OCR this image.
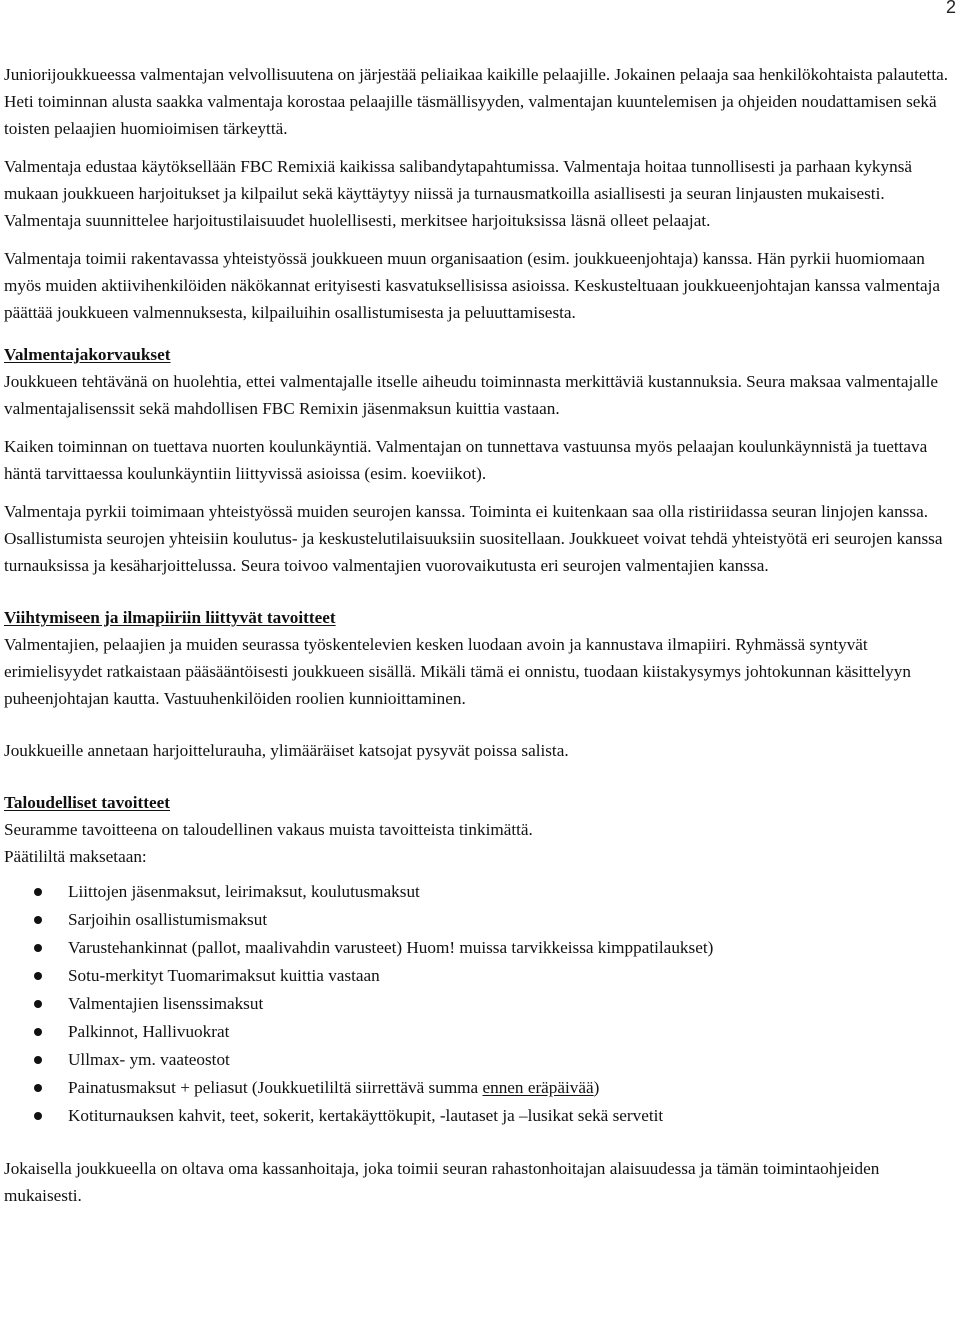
2

Juniorijoukkueessa valmentajan velvollisuutena on järjestää peliaikaa kaikille pelaajille. Jokainen pelaaja saa henkilökohtaista palautetta. Heti toiminnan alusta saakka valmentaja korostaa pelaajille täsmällisyyden, valmentajan kuuntelemisen ja ohjeiden noudattamisen sekä toisten pelaajien huomioimisen tärkeyttä.

Valmentaja edustaa käytöksellään FBC Remixiä kaikissa salibandytapahtumissa. Valmentaja hoitaa tunnollisesti ja parhaan kykynsä mukaan joukkueen harjoitukset ja kilpailut sekä käyttäytyy niissä ja turnausmatkoilla asiallisesti ja seuran linjausten mukaisesti. Valmentaja suunnittelee harjoitustilaisuudet huolellisesti, merkitsee harjoituksissa läsnä olleet pelaajat.

Valmentaja toimii rakentavassa yhteistyössä joukkueen muun organisaation (esim. joukkueenjohtaja) kanssa. Hän pyrkii huomiomaan myös muiden aktiivihenkilöiden näkökannat erityisesti kasvatuksellisissa asioissa. Keskusteltuaan joukkueenjohtajan kanssa valmentaja päättää joukkueen valmennuksesta, kilpailuihin osallistumisesta ja peluuttamisesta.

Valmentajakorvaukset

Joukkueen tehtävänä on huolehtia, ettei valmentajalle itselle aiheudu toiminnasta merkittäviä kustannuksia. Seura maksaa valmentajalle valmentajalisenssit sekä mahdollisen FBC Remixin jäsenmaksun kuittia vastaan.

Kaiken toiminnan on tuettava nuorten koulunkäyntiä. Valmentajan on tunnettava vastuunsa myös pelaajan koulunkäynnistä ja tuettava häntä tarvittaessa koulunkäyntiin liittyvissä asioissa (esim. koeviikot).

Valmentaja pyrkii toimimaan yhteistyössä muiden seurojen kanssa. Toiminta ei kuitenkaan saa olla ristiriidassa seuran linjojen kanssa. Osallistumista seurojen yhteisiin koulutus- ja keskustelutilaisuuksiin suositellaan. Joukkueet voivat tehdä yhteistyötä eri seurojen kanssa turnauksissa ja kesäharjoittelussa. Seura toivoo valmentajien vuorovaikutusta eri seurojen valmentajien kanssa.

Viihtymiseen ja ilmapiiriin liittyvät tavoitteet

Valmentajien, pelaajien ja muiden seurassa työskentelevien kesken luodaan avoin ja kannustava ilmapiiri. Ryhmässä syntyvät erimielisyydet ratkaistaan pääsääntöisesti joukkueen sisällä. Mikäli tämä ei onnistu, tuodaan kiistakysymys johtokunnan käsittelyyn puheenjohtajan kautta. Vastuuhenkilöiden roolien kunnioittaminen.

Joukkueille annetaan harjoittelurauha, ylimääräiset katsojat pysyvät poissa salista.

Taloudelliset tavoitteet

Seuramme tavoitteena on taloudellinen vakaus muista tavoitteista tinkimättä.

Päätililtä maksetaan:

Liittojen jäsenmaksut, leirimaksut, koulutusmaksut
Sarjoihin osallistumismaksut
Varustehankinnat (pallot, maalivahdin varusteet) Huom! muissa tarvikkeissa kimppatilaukset)
Sotu-merkityt Tuomarimaksut kuittia vastaan
Valmentajien lisenssimaksut
Palkinnot, Hallivuokrat
Ullmax- ym. vaateostot
Painatusmaksut + peliasut (Joukkuetililtä siirrettävä summa ennen eräpäivää)
Kotiturnauksen kahvit, teet, sokerit, kertakäyttökupit, -lautaset ja –lusikat sekä servetit

Jokaisella joukkueella on oltava oma kassanhoitaja, joka toimii seuran rahastonhoitajan alaisuudessa ja tämän toimintaohjeiden mukaisesti.
